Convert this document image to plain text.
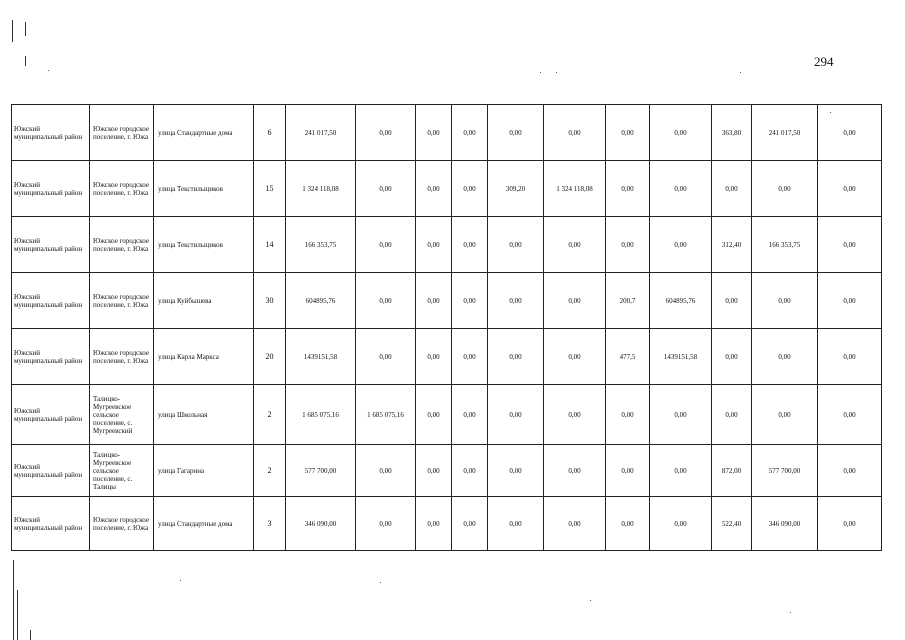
294
Южский муниципальный район	Южское городское поселение, г. Южа	улица Стандартные дома	6	241 017,50	0,00	0,00	0,00	0,00	0,00	0,00	0,00	363,80	241 017,50	0,00
Южский муниципальный район	Южское городское поселение, г. Южа	улица Текстильщиков	15	1 324 118,08	0,00	0,00	0,00	309,20	1 324 118,08	0,00	0,00	0,00	0,00	0,00
Южский муниципальный район	Южское городское поселение, г. Южа	улица Текстильщиков	14	166 353,75	0,00	0,00	0,00	0,00	0,00	0,00	0,00	312,40	166 353,75	0,00
Южский муниципальный район	Южское городское поселение, г. Южа	улица Куйбышева	30	604895,76	0,00	0,00	0,00	0,00	0,00	200,7	604895,76	0,00	0,00	0,00
Южский муниципальный район	Южское городское поселение, г. Южа	улица Карла Маркса	20	1439151,58	0,00	0,00	0,00	0,00	0,00	477,5	1439151,58	0,00	0,00	0,00
Южский муниципальный район	Талицко-Мугреевское сельское поселение, с. Мугреевский	улица Школьная	2	1 685 075,16	1 685 075,16	0,00	0,00	0,00	0,00	0,00	0,00	0,00	0,00	0,00
Южский муниципальный район	Талицко-Мугреевское сельское поселение, с. Талицы	улица Гагарина	2	577 700,00	0,00	0,00	0,00	0,00	0,00	0,00	0,00	872,00	577 700,00	0,00
Южский муниципальный район	Южское городское поселение, г. Южа	улица Стандартные дома	3	346 090,00	0,00	0,00	0,00	0,00	0,00	0,00	0,00	522,40	346 090,00	0,00
